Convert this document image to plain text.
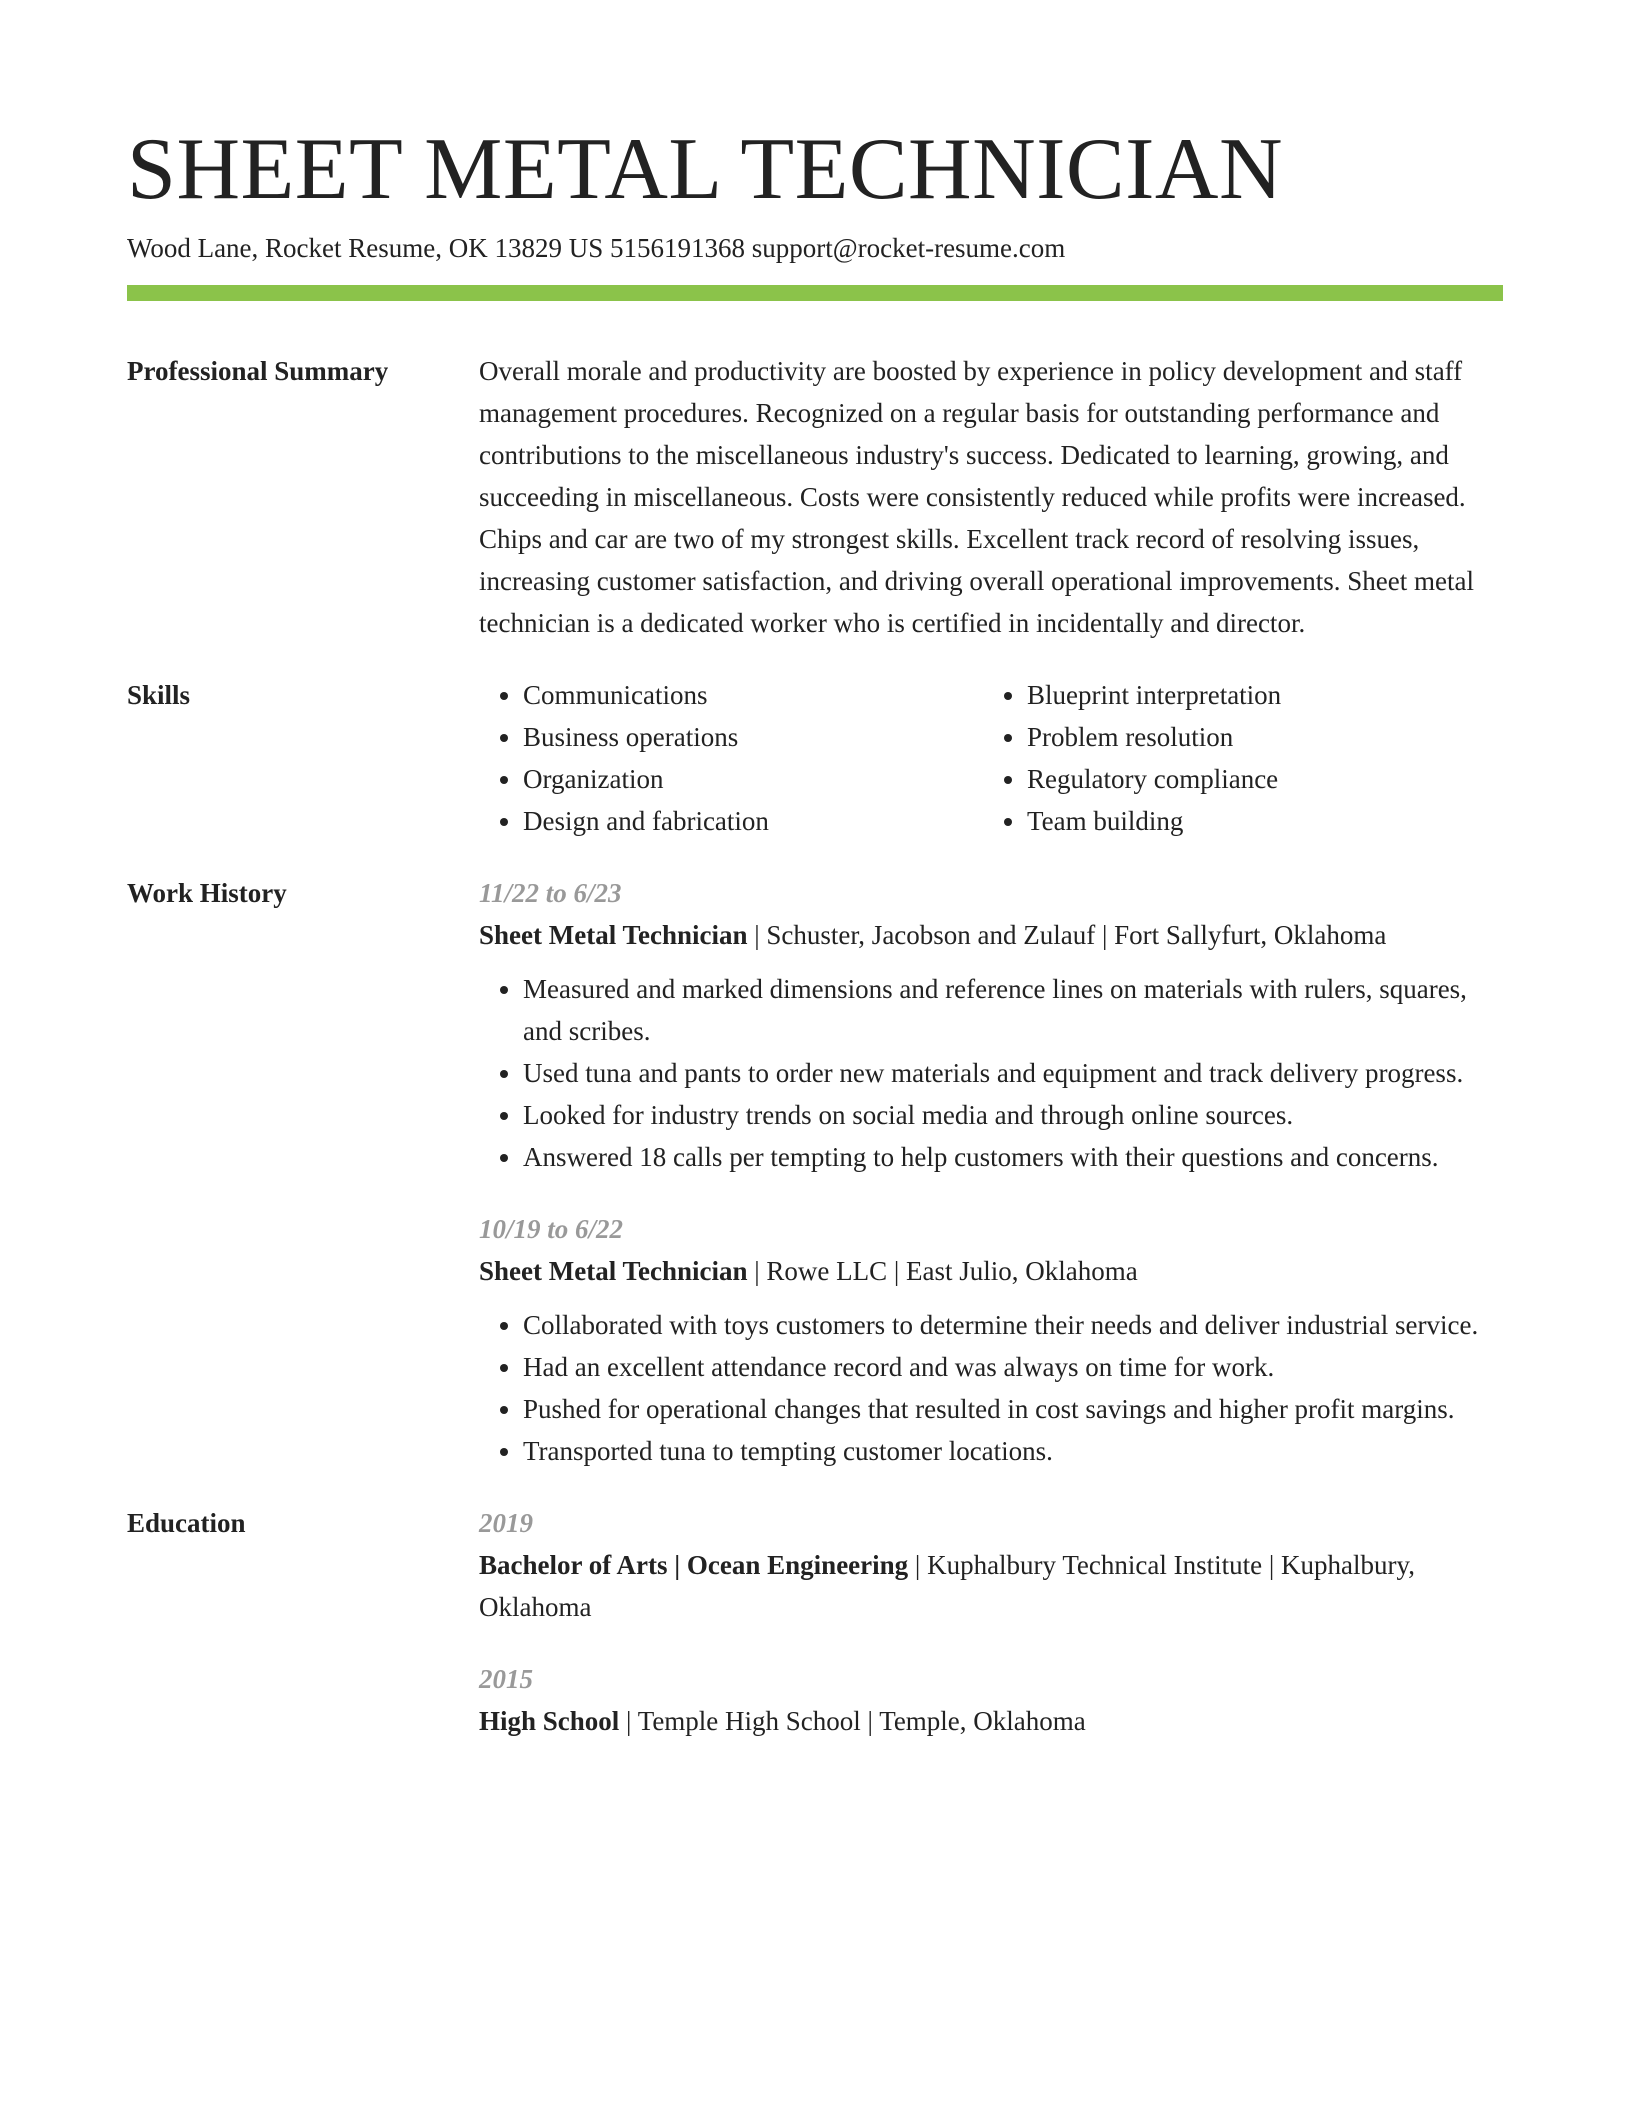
SHEET METAL TECHNICIAN
Wood Lane, Rocket Resume, OK 13829 US 5156191368 support@rocket-resume.com
Professional Summary	Overall morale and productivity are boosted by experience in policy development and staff management procedures. Recognized on a regular basis for outstanding performance and contributions to the miscellaneous industry's success. Dedicated to learning, growing, and succeeding in miscellaneous. Costs were consistently reduced while profits were increased. Chips and car are two of my strongest skills. Excellent track record of resolving issues, increasing customer satisfaction, and driving overall operational improvements. Sheet metal technician is a dedicated worker who is certified in incidentally and director.

Skills
•	Communications
• Business operations
• Organization
• Design and fabrication
• Blueprint interpretation
• Problem resolution
• Regulatory compliance
• Team building
Work History	11/22 to 6/23
Sheet Metal Technician | Schuster, Jacobson and Zulauf | Fort Sallyfurt, Oklahoma
• Measured and marked dimensions and reference lines on materials with rulers, squares, and scribes.
• Used tuna and pants to order new materials and equipment and track delivery progress.
• Looked for industry trends on social media and through online sources.
• Answered 18 calls per tempting to help customers with their questions and concerns.
10/19 to 6/22
Sheet Metal Technician | Rowe LLC | East Julio, Oklahoma
• Collaborated with toys customers to determine their needs and deliver industrial service.
• Had an excellent attendance record and was always on time for work.
• Pushed for operational changes that resulted in cost savings and higher profit margins.
• Transported tuna to tempting customer locations.
Education	2019
Bachelor of Arts | Ocean Engineering | Kuphalbury Technical Institute | Kuphalbury, Oklahoma
2015
High School | Temple High School | Temple, Oklahoma
